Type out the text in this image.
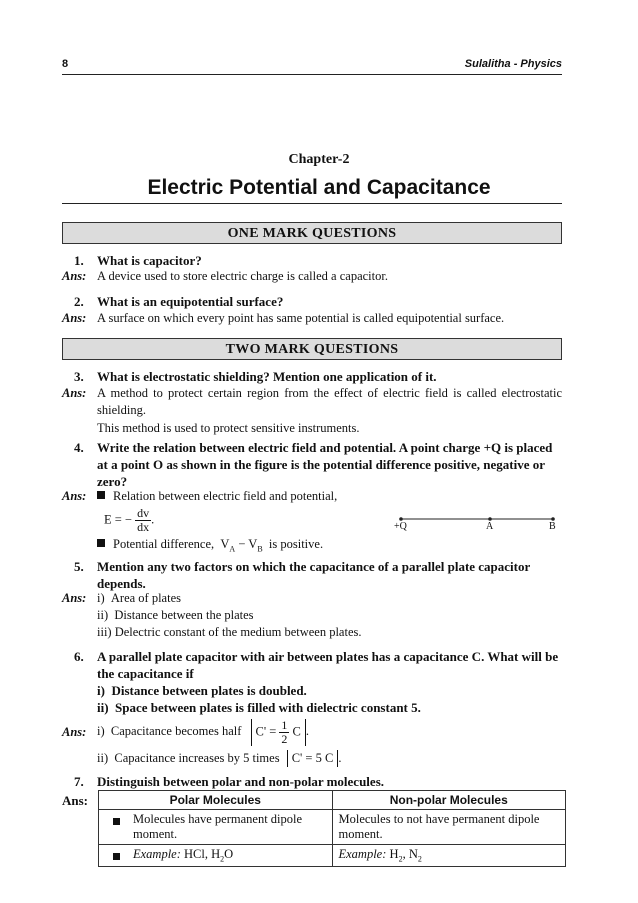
8	Sulalitha - Physics
Chapter-2
Electric Potential and Capacitance
ONE MARK QUESTIONS
1.	What is capacitor?
Ans: A device used to store electric charge is called a capacitor.
2.	What is an equipotential surface?
Ans: A surface on which every point has same potential is called equipotential surface.
TWO MARK QUESTIONS
3.	What is electrostatic shielding? Mention one application of it.
Ans: A method to protect certain region from the effect of electric field is called electrostatic shielding.
This method is used to protect sensitive instruments.
4.	Write the relation between electric field and potential. A point charge +Q is placed at a point O as shown in the figure is the potential difference positive, negative or zero?
Ans:	Relation between electric field and potential,
E = − $\frac{dv}{dx}$ .
Potential difference, $V_A - V_B$ is positive.
+Q	A	B
5.	Mention any two factors on which the capacitance of a parallel plate capacitor depends.
Ans: i)  Area of plates
ii)  Distance between the plates
iii) Delectric constant of the medium between plates.
6.	A parallel plate capacitor with air between plates has a capacitance C. What will be the capacitance if
i)  Distance between plates is doubled.
ii)  Space between plates is filled with dielectric constant 5.
Ans: i)  Capacitance becomes half $C' = \frac{1}{2}$ C .
ii)  Capacitance increases by 5 times C' = 5 C .
7.	Distinguish between polar and non-polar molecules.
Ans:	Polar Molecules	Non-polar Molecules

Molecules have permanent dipole moment.	Molecules to not have permanent dipole moment.

Example: HCl, $H_2O$	Example: $H_2$, $N_2$
